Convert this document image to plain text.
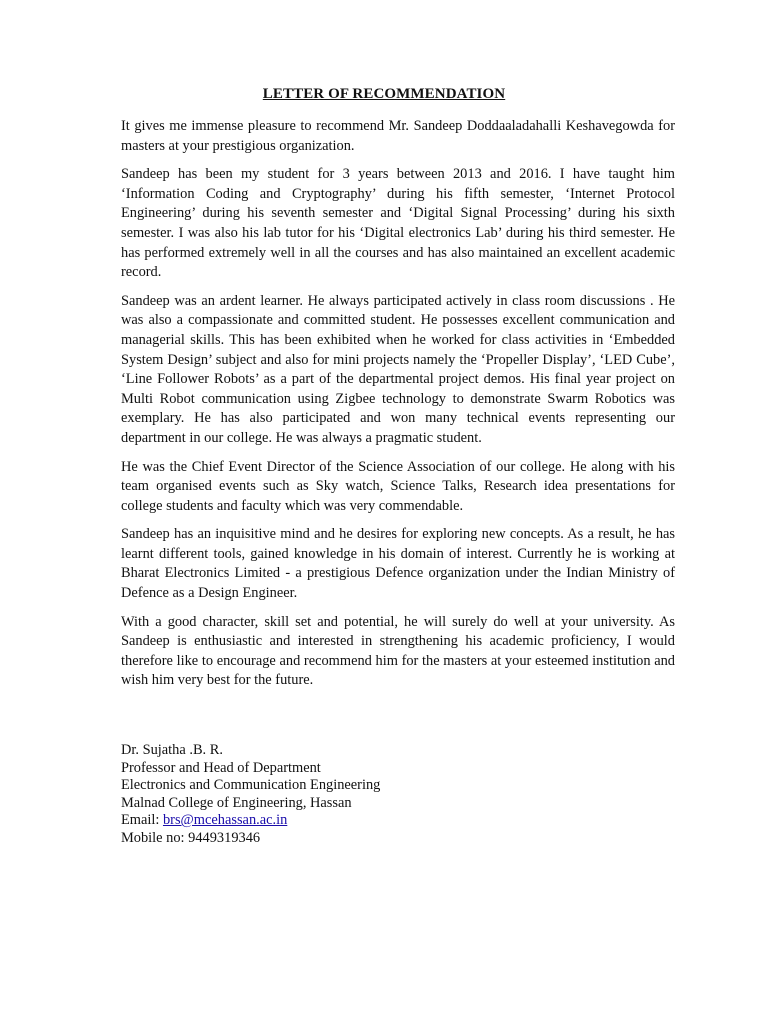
LETTER OF RECOMMENDATION

It gives me immense pleasure to recommend Mr. Sandeep Doddaaladahalli Keshavegowda for masters at your prestigious organization.

Sandeep has been my student for 3 years between 2013 and 2016. I have taught him ‘Information Coding and Cryptography’ during his fifth semester, ‘Internet Protocol Engineering’ during his seventh semester and ‘Digital Signal Processing’ during his sixth semester. I was also his lab tutor for his ‘Digital electronics Lab’ during his third semester. He has performed extremely well in all the courses and has also maintained an excellent academic record.

Sandeep was an ardent learner. He always participated actively in class room discussions . He was also a compassionate and committed student. He possesses excellent communication and managerial skills. This has been exhibited when he worked for class activities in ‘Embedded System Design’ subject and also for mini projects namely the ‘Propeller Display’, ‘LED Cube’, ‘Line Follower Robots’ as a part of the departmental project demos. His final year project on Multi Robot communication using Zigbee technology to demonstrate Swarm Robotics was exemplary. He has also participated and won many technical events representing our department in our college. He was always a pragmatic student.

He was the Chief Event Director of the Science Association of our college. He along with his team organised events such as Sky watch, Science Talks, Research idea presentations for college students and faculty which was very commendable.

Sandeep has an inquisitive mind and he desires for exploring new concepts. As a result, he has learnt different tools, gained knowledge in his domain of interest. Currently he is working at Bharat Electronics Limited - a prestigious Defence organization under the Indian Ministry of Defence as a Design Engineer.

With a good character, skill set and potential, he will surely do well at your university. As Sandeep is enthusiastic and interested in strengthening his academic proficiency, I would therefore like to encourage and recommend him for the masters at your esteemed institution and wish him very best for the future.

Dr. Sujatha .B. R.
Professor and Head of Department
Electronics and Communication Engineering
Malnad College of Engineering, Hassan
Email: brs@mcehassan.ac.in
Mobile no: 9449319346
